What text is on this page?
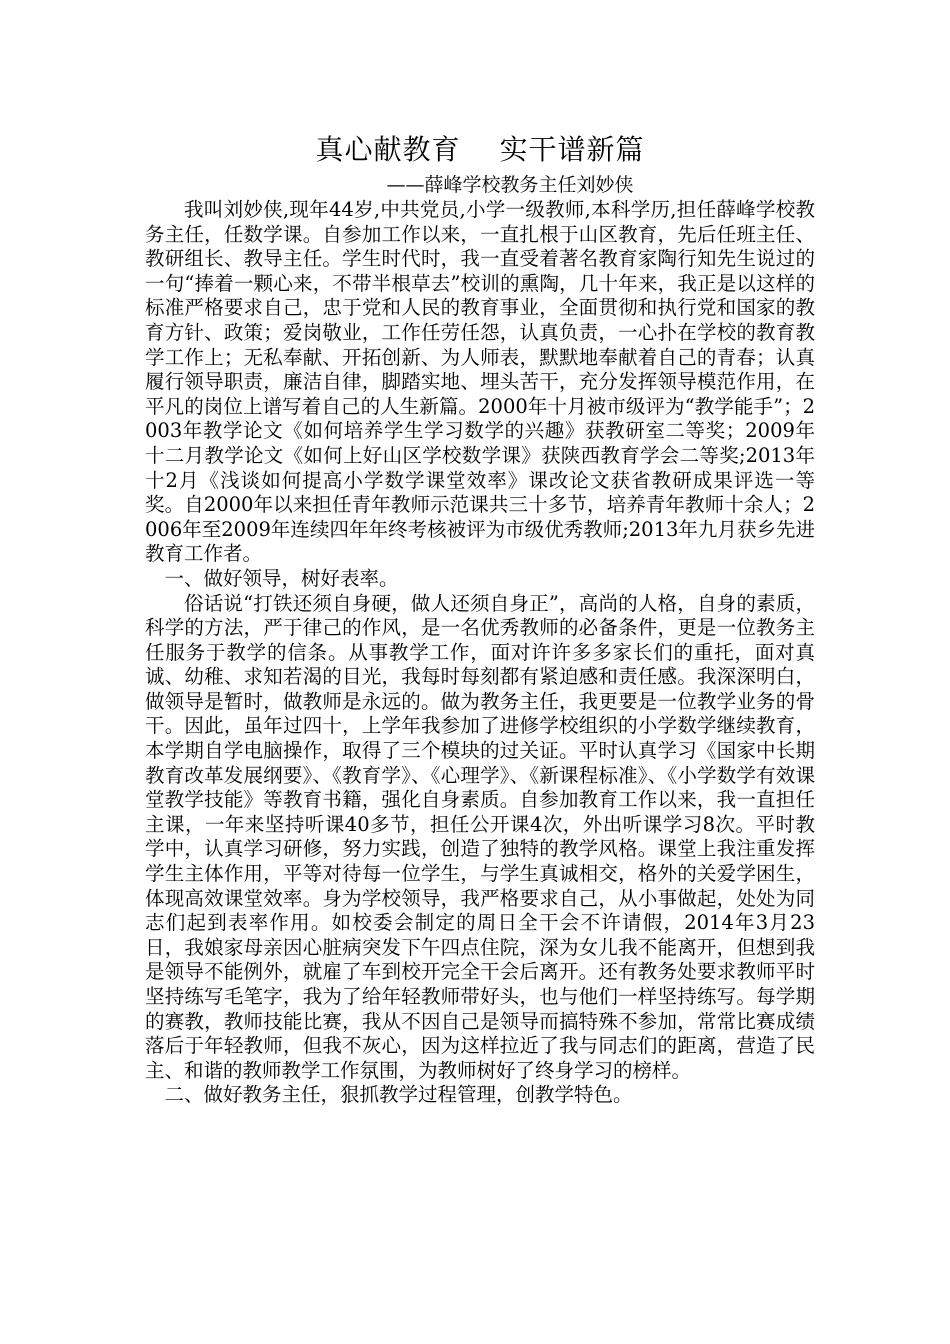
真心献教育　 实干谱新篇

——薛峰学校教务主任刘妙侠

我叫刘妙侠,现年44岁,中共党员,小学一级教师,本科学历,担任薛峰学校教务主任，任数学课。自参加工作以来，一直扎根于山区教育，先后任班主任、教研组长、教导主任。学生时代时，我一直受着著名教育家陶行知先生说过的一句“捧着一颗心来，不带半根草去”校训的熏陶，几十年来，我正是以这样的标准严格要求自己，忠于党和人民的教育事业，全面贯彻和执行党和国家的教育方针、政策；爱岗敬业，工作任劳任怨，认真负责，一心扑在学校的教育教学工作上；无私奉献、开拓创新、为人师表，默默地奉献着自己的青春；认真履行领导职责，廉洁自律，脚踏实地、埋头苦干，充分发挥领导模范作用，在平凡的岗位上谱写着自己的人生新篇。2000年十月被市级评为“教学能手”；2003年教学论文《如何培养学生学习数学的兴趣》获教研室二等奖；2009年十二月教学论文《如何上好山区学校数学课》获陕西教育学会二等奖;2013年十2月《浅谈如何提高小学数学课堂效率》课改论文获省教研成果评选一等奖。自2000年以来担任青年教师示范课共三十多节，培养青年教师十余人；2006年至2009年连续四年年终考核被评为市级优秀教师;2013年九月获乡先进教育工作者。

一、做好领导，树好表率。

俗话说“打铁还须自身硬，做人还须自身正”，高尚的人格，自身的素质，科学的方法，严于律己的作风，是一名优秀教师的必备条件，更是一位教务主任服务于教学的信条。从事教学工作，面对许许多多家长们的重托，面对真诚、幼稚、求知若渴的目光，我每时每刻都有紧迫感和责任感。我深深明白，做领导是暂时，做教师是永远的。做为教务主任，我更要是一位教学业务的骨干。因此，虽年过四十，上学年我参加了进修学校组织的小学数学继续教育，本学期自学电脑操作，取得了三个模块的过关证。平时认真学习《国家中长期教育改革发展纲要》、《教育学》、《心理学》、《新课程标准》、《小学数学有效课堂教学技能》等教育书籍，强化自身素质。自参加教育工作以来，我一直担任主课，一年来坚持听课40多节，担任公开课4次，外出听课学习8次。平时教学中，认真学习研修，努力实践，创造了独特的教学风格。课堂上我注重发挥学生主体作用，平等对待每一位学生，与学生真诚相交，格外的关爱学困生，体现高效课堂效率。身为学校领导，我严格要求自己，从小事做起，处处为同志们起到表率作用。如校委会制定的周日全干会不许请假，2014年3月23日，我娘家母亲因心脏病突发下午四点住院，深为女儿我不能离开，但想到我是领导不能例外，就雇了车到校开完全干会后离开。还有教务处要求教师平时坚持练写毛笔字，我为了给年轻教师带好头，也与他们一样坚持练写。每学期的赛教，教师技能比赛，我从不因自己是领导而搞特殊不参加，常常比赛成绩落后于年轻教师，但我不灰心，因为这样拉近了我与同志们的距离，营造了民主、和谐的教师教学工作氛围，为教师树好了终身学习的榜样。

二、做好教务主任，狠抓教学过程管理，创教学特色。
